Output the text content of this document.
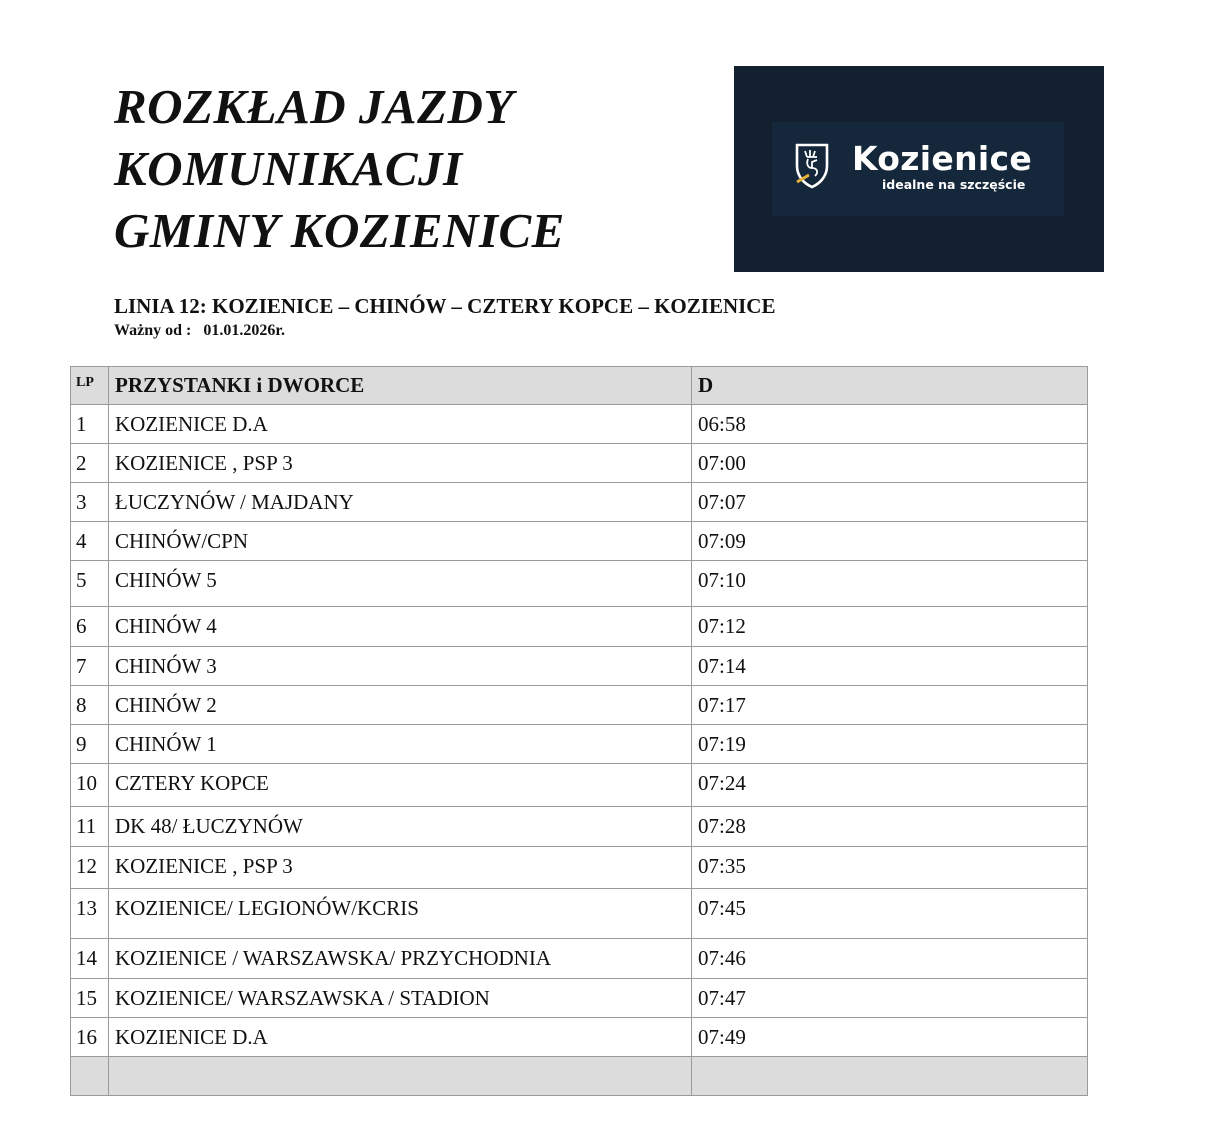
ROZKŁAD JAZDY
KOMUNIKACJI
GMINY KOZIENICE
Kozienice
idealne na szczęście
LINIA 12: KOZIENICE – CHINÓW – CZTERY KOPCE – KOZIENICE
Ważny od :   01.01.2026r.
LP	PRZYSTANKI i DWORCE	D
1	KOZIENICE D.A	06:58
2	KOZIENICE , PSP 3	07:00
3	ŁUCZYNÓW / MAJDANY	07:07
4	CHINÓW/CPN	07:09
5	CHINÓW 5	07:10
6	CHINÓW 4	07:12
7	CHINÓW 3	07:14
8	CHINÓW 2	07:17
9	CHINÓW 1	07:19
10	CZTERY KOPCE	07:24
11	DK 48/ ŁUCZYNÓW	07:28
12	KOZIENICE , PSP 3	07:35
13	KOZIENICE/ LEGIONÓW/KCRIS	07:45
14	KOZIENICE / WARSZAWSKA/ PRZYCHODNIA	07:46
15	KOZIENICE/ WARSZAWSKA / STADION	07:47
16	KOZIENICE D.A	07:49
